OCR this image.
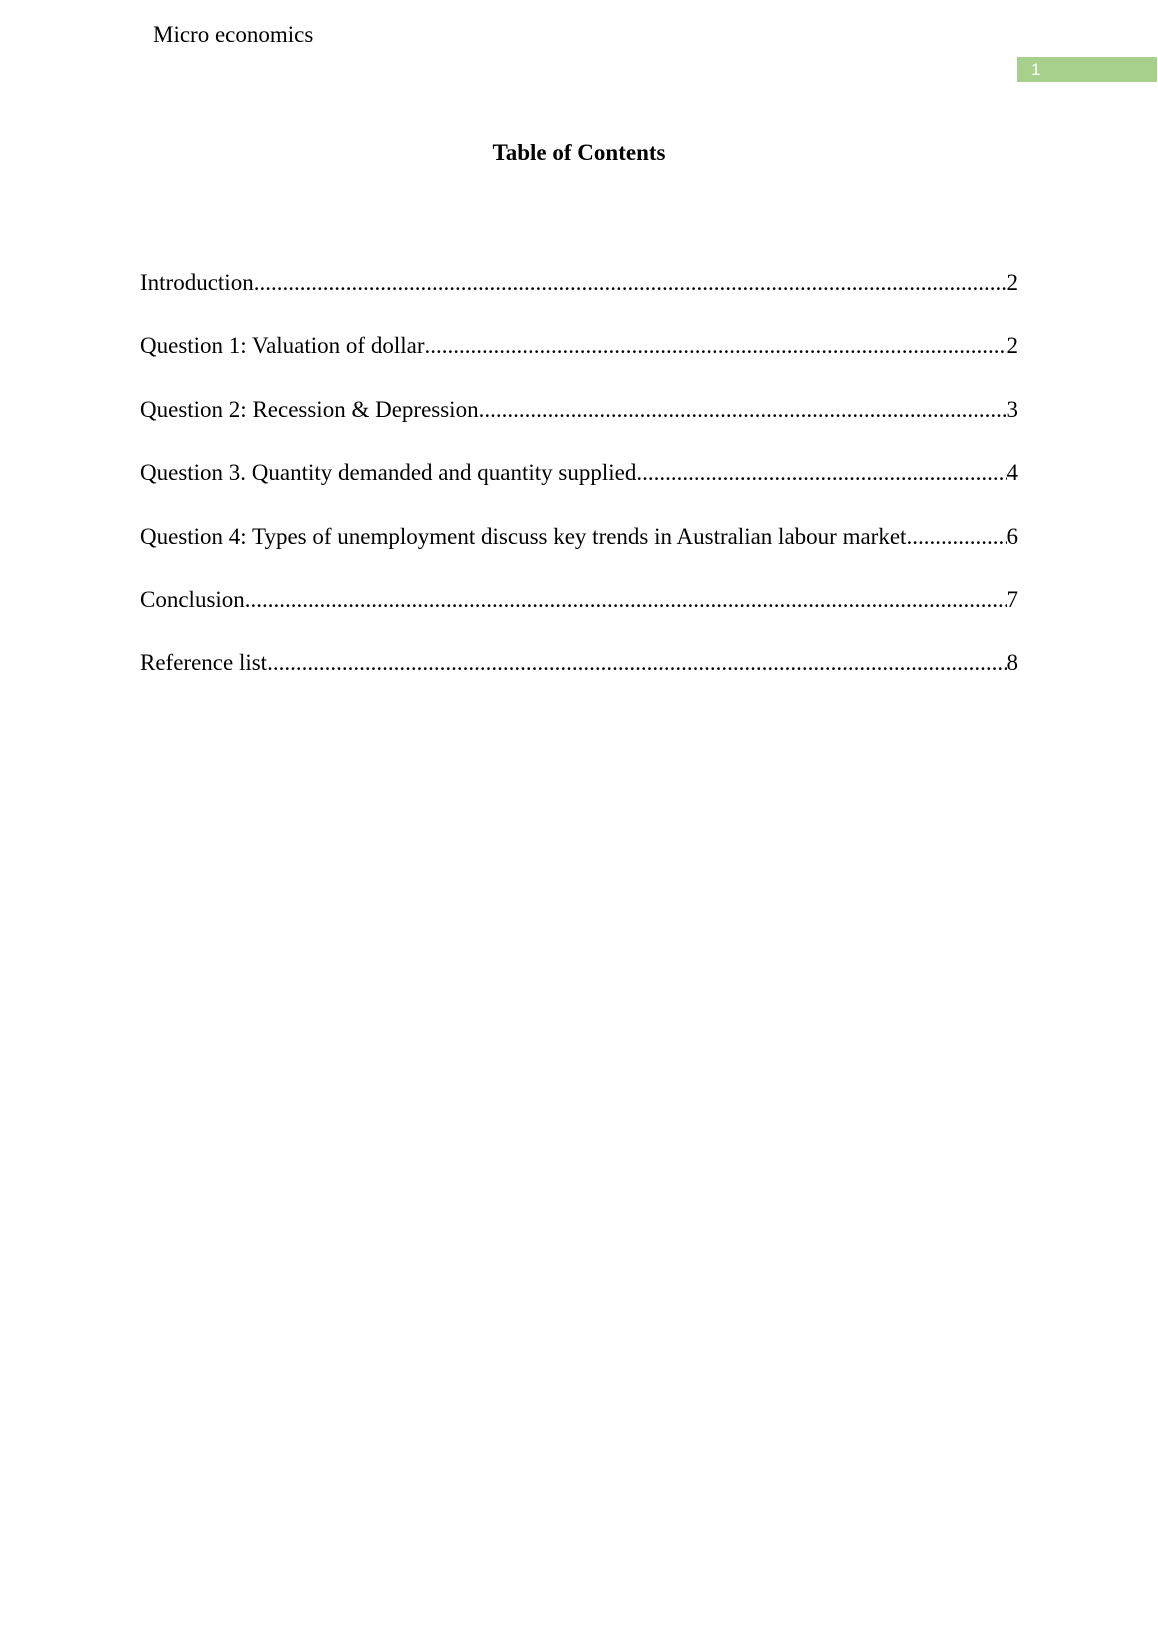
Micro economics
1
Table of Contents
Introduction .....	2
Question 1: Valuation of dollar .....	2
Question 2: Recession & Depression .....	3
Question 3. Quantity demanded and quantity supplied .....	4
Question 4: Types of unemployment discuss key trends in Australian labour market .....	6
Conclusion .....	7
Reference list .....	8
